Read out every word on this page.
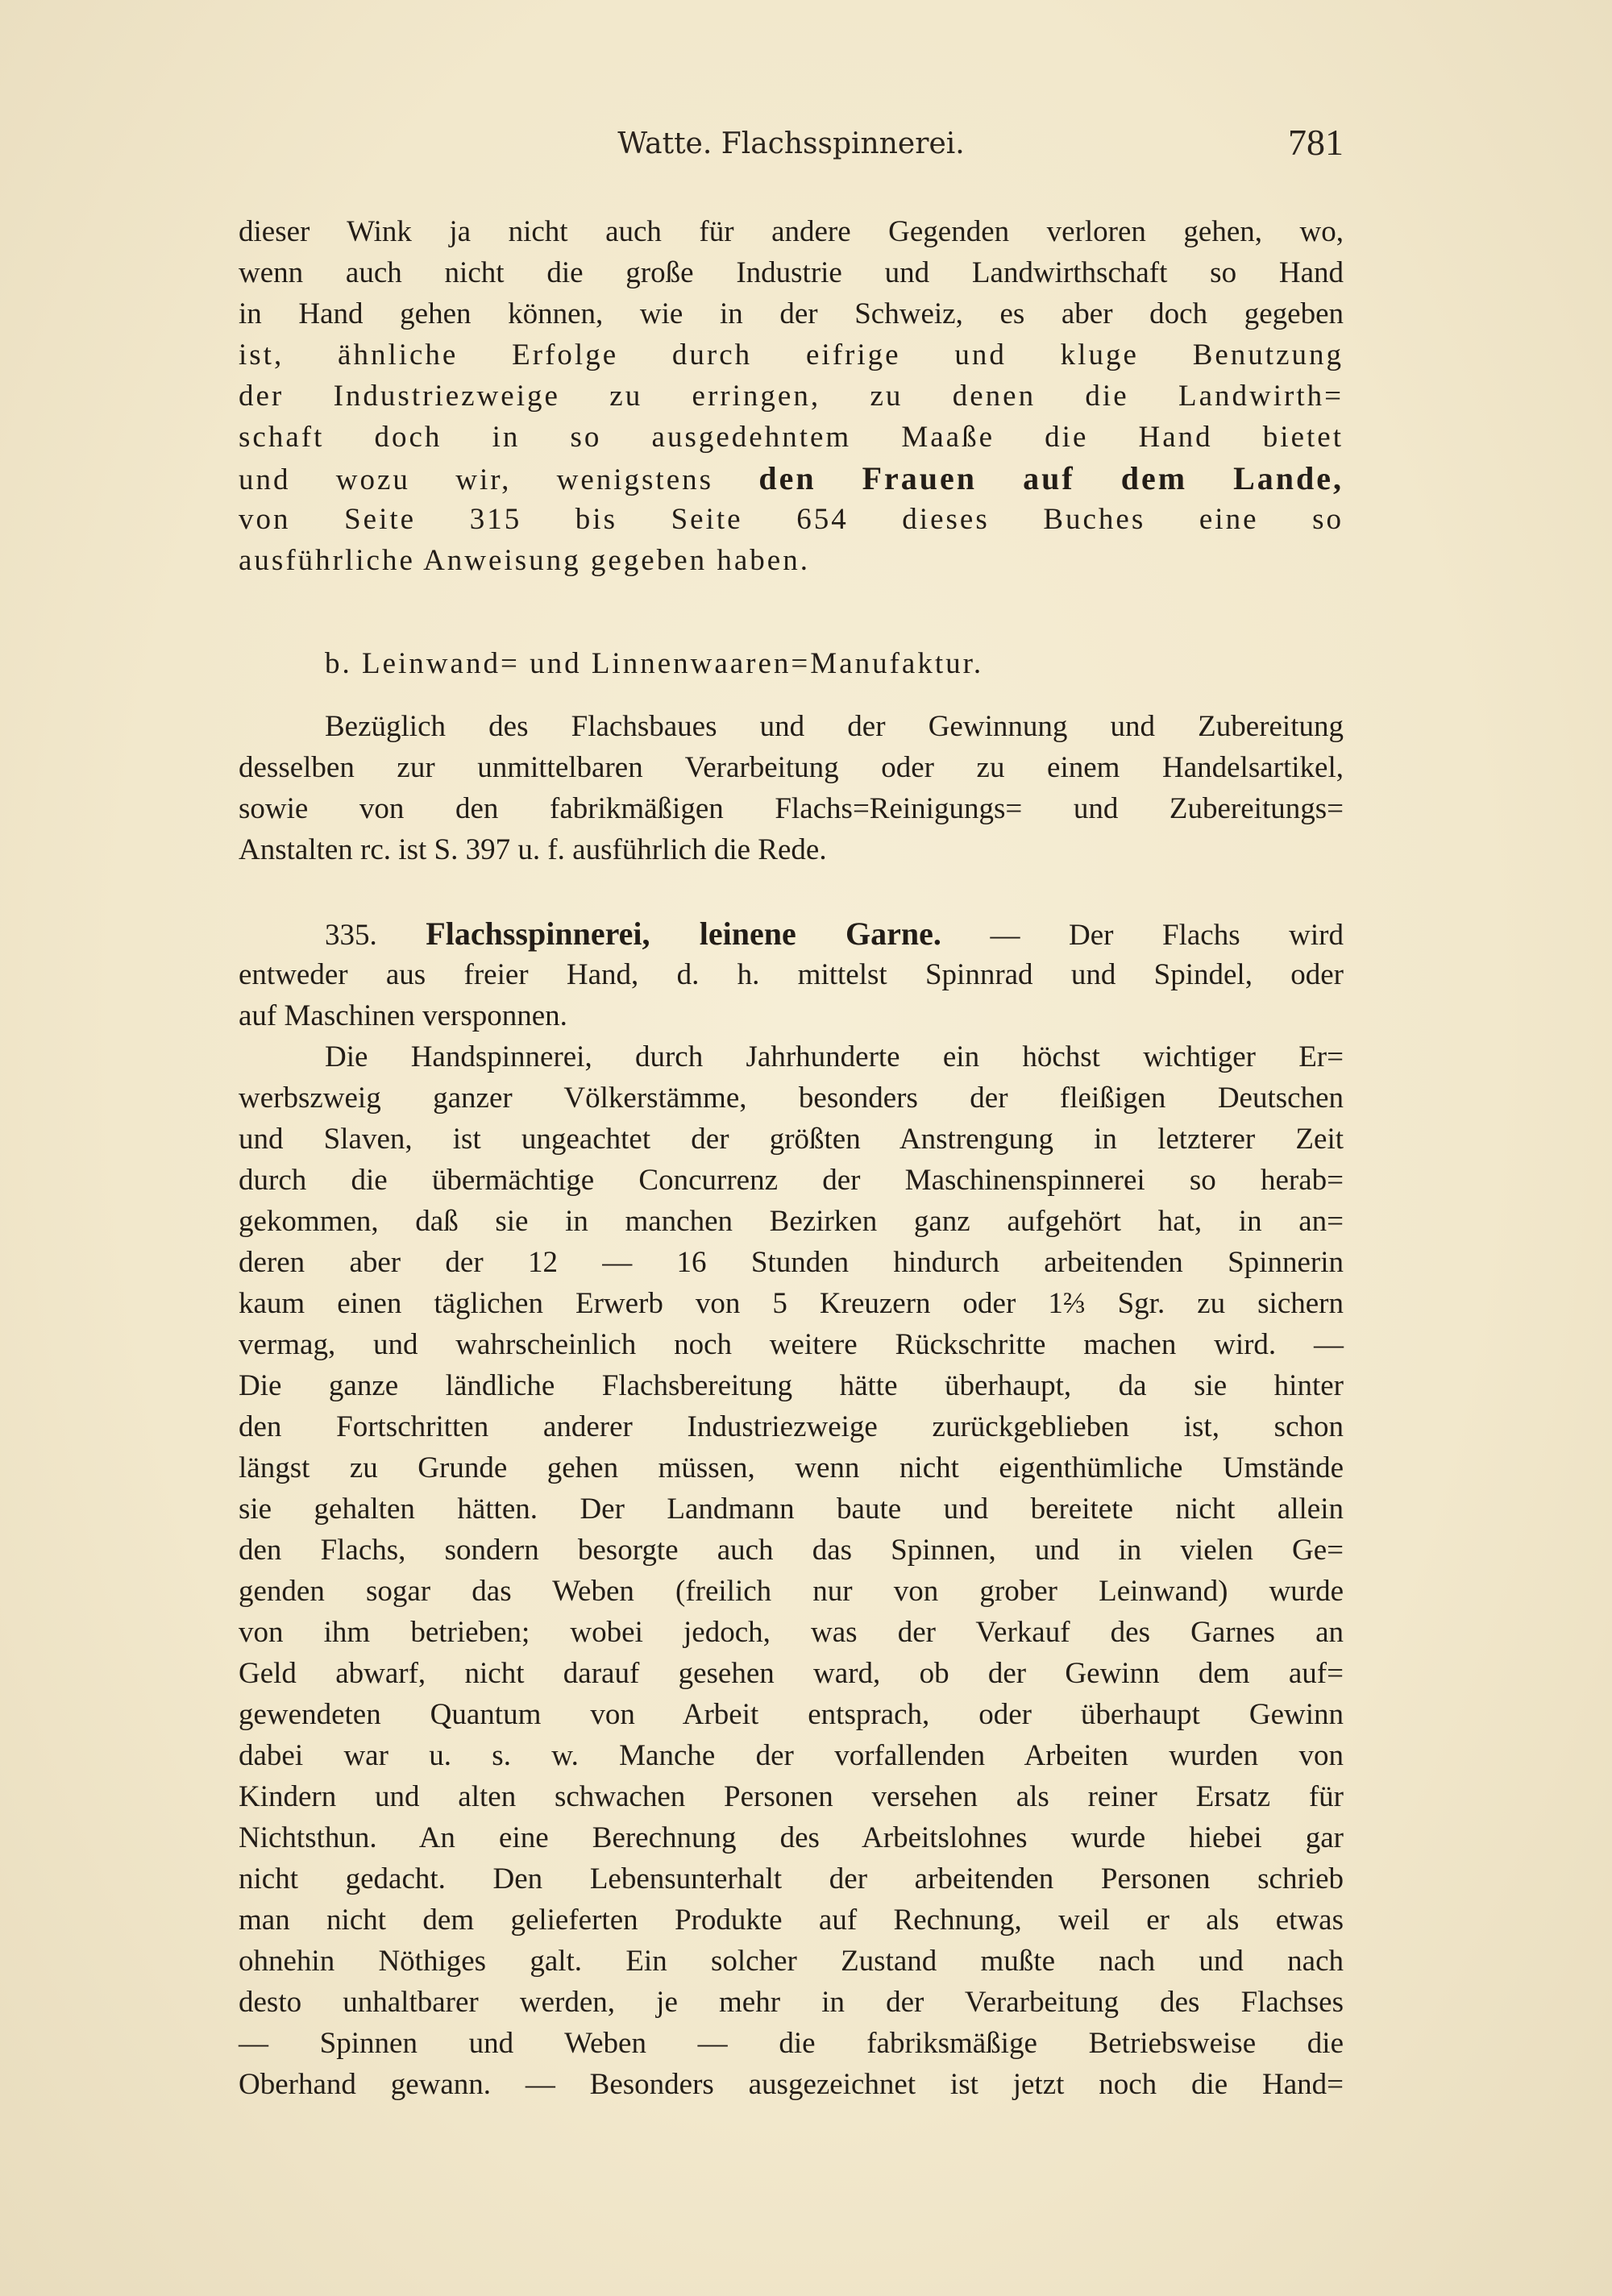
Watte. Flachsspinnerei.	781
dieser Wink ja nicht auch für andere Gegenden verloren gehen, wo,
wenn auch nicht die große Industrie und Landwirthschaft so Hand
in Hand gehen können, wie in der Schweiz, es aber doch gegeben
ist, ähnliche Erfolge durch eifrige und kluge Benutzung
der Industriezweige zu erringen, zu denen die Landwirth=
schaft doch in so ausgedehntem Maaße die Hand bietet
und wozu wir, wenigstens den Frauen auf dem Lande,
von Seite 315 bis Seite 654 dieses Buches eine so
ausführliche Anweisung gegeben haben.
b. Leinwand= und Linnenwaaren=Manufaktur.
Bezüglich des Flachsbaues und der Gewinnung und Zubereitung
desselben zur unmittelbaren Verarbeitung oder zu einem Handelsartikel,
sowie von den fabrikmäßigen Flachs=Reinigungs= und Zubereitungs=
Anstalten rc. ist S. 397 u. f. ausführlich die Rede.
335. Flachsspinnerei, leinene Garne. — Der Flachs wird
entweder aus freier Hand, d. h. mittelst Spinnrad und Spindel, oder
auf Maschinen versponnen.
Die Handspinnerei, durch Jahrhunderte ein höchst wichtiger Er=
werbszweig ganzer Völkerstämme, besonders der fleißigen Deutschen
und Slaven, ist ungeachtet der größten Anstrengung in letzterer Zeit
durch die übermächtige Concurrenz der Maschinenspinnerei so herab=
gekommen, daß sie in manchen Bezirken ganz aufgehört hat, in an=
deren aber der 12 — 16 Stunden hindurch arbeitenden Spinnerin
kaum einen täglichen Erwerb von 5 Kreuzern oder 1⅔ Sgr. zu sichern
vermag, und wahrscheinlich noch weitere Rückschritte machen wird. —
Die ganze ländliche Flachsbereitung hätte überhaupt, da sie hinter
den Fortschritten anderer Industriezweige zurückgeblieben ist, schon
längst zu Grunde gehen müssen, wenn nicht eigenthümliche Umstände
sie gehalten hätten. Der Landmann baute und bereitete nicht allein
den Flachs, sondern besorgte auch das Spinnen, und in vielen Ge=
genden sogar das Weben (freilich nur von grober Leinwand) wurde
von ihm betrieben; wobei jedoch, was der Verkauf des Garnes an
Geld abwarf, nicht darauf gesehen ward, ob der Gewinn dem auf=
gewendeten Quantum von Arbeit entsprach, oder überhaupt Gewinn
dabei war u. s. w. Manche der vorfallenden Arbeiten wurden von
Kindern und alten schwachen Personen versehen als reiner Ersatz für
Nichtsthun. An eine Berechnung des Arbeitslohnes wurde hiebei gar
nicht gedacht. Den Lebensunterhalt der arbeitenden Personen schrieb
man nicht dem gelieferten Produkte auf Rechnung, weil er als etwas
ohnehin Nöthiges galt. Ein solcher Zustand mußte nach und nach
desto unhaltbarer werden, je mehr in der Verarbeitung des Flachses
— Spinnen und Weben — die fabriksmäßige Betriebsweise die
Oberhand gewann. — Besonders ausgezeichnet ist jetzt noch die Hand=
